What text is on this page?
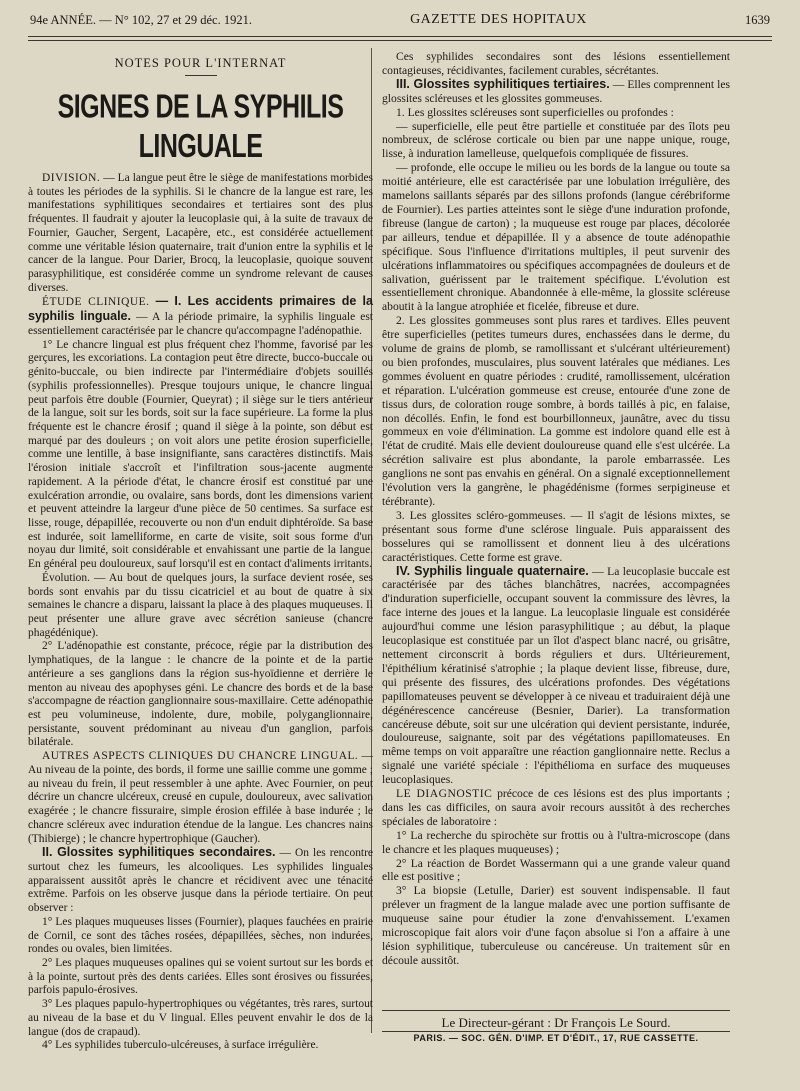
94e ANNÉE. — N° 102, 27 et 29 déc. 1921.	GAZETTE DES HOPITAUX	1639
NOTES POUR L'INTERNAT
SIGNES DE LA SYPHILIS LINGUALE

DIVISION. — La langue peut être le siège de manifestations morbides à toutes les périodes de la syphilis. Si le chancre de la langue est rare, les manifestations syphilitiques secondaires et tertiaires sont des plus fréquentes. Il faudrait y ajouter la leucoplasie qui, à la suite de travaux de Fournier, Gaucher, Sergent, Lacapère, etc., est considérée actuellement comme une véritable lésion quaternaire, trait d'union entre la syphilis et le cancer de la langue. Pour Darier, Brocq, la leucoplasie, quoique souvent parasyphilitique, est considérée comme un syndrome relevant de causes diverses.

ÉTUDE CLINIQUE. — I. Les accidents primaires de la syphilis linguale. — A la période primaire, la syphilis linguale est essentiellement caractérisée par le chancre qu'accompagne l'adénopathie.

1° Le chancre lingual est plus fréquent chez l'homme, favorisé par les gerçures, les excoriations. La contagion peut être directe, bucco-buccale ou génito-buccale, ou bien indirecte par l'intermédiaire d'objets souillés (syphilis professionnelles). Presque toujours unique, le chancre lingual peut parfois être double (Fournier, Queyrat) ; il siège sur le tiers antérieur de la langue, soit sur les bords, soit sur la face supérieure. La forme la plus fréquente est le chancre érosif ; quand il siège à la pointe, son début est marqué par des douleurs ; on voit alors une petite érosion superficielle, comme une lentille, à base insignifiante, sans caractères distinctifs. Mais l'érosion initiale s'accroît et l'infiltration sous-jacente augmente rapidement. A la période d'état, le chancre érosif est constitué par une exulcération arrondie, ou ovalaire, sans bords, dont les dimensions varient et peuvent atteindre la largeur d'une pièce de 50 centimes. Sa surface est lisse, rouge, dépapillée, recouverte ou non d'un enduit diphtéroïde. Sa base est indurée, soit lamelliforme, en carte de visite, soit sous forme d'un noyau dur limité, soit considérable et envahissant une partie de la langue. En général peu douloureux, sauf lorsqu'il est en contact d'aliments irritants.

Évolution. — Au bout de quelques jours, la surface devient rosée, ses bords sont envahis par du tissu cicatriciel et au bout de quatre à six semaines le chancre a disparu, laissant la place à des plaques muqueuses. Il peut présenter une allure grave avec sécrétion sanieuse (chancre phagédénique).

2° L'adénopathie est constante, précoce, régie par la distribution des lymphatiques, de la langue : le chancre de la pointe et de la partie antérieure a ses ganglions dans la région sus-hyoïdienne et derrière le menton au niveau des apophyses géni. Le chancre des bords et de la base s'accompagne de réaction ganglionnaire sous-maxillaire. Cette adénopathie est peu volumineuse, indolente, dure, mobile, polyganglionnaire, persistante, souvent prédominant au niveau d'un ganglion, parfois bilatérale.

AUTRES ASPECTS CLINIQUES DU CHANCRE LINGUAL. — Au niveau de la pointe, des bords, il forme une saillie comme une gomme ; au niveau du frein, il peut ressembler à une aphte. Avec Fournier, on peut décrire un chancre ulcéreux, creusé en cupule, douloureux, avec salivation exagérée ; le chancre fissuraire, simple érosion effilée à base indurée ; le chancre scléreux avec induration étendue de la langue. Les chancres nains (Thibierge) ; le chancre hypertrophique (Gaucher).

II. Glossites syphilitiques secondaires. — On les rencontre surtout chez les fumeurs, les alcooliques. Les syphilides linguales apparaissent aussitôt après le chancre et récidivent avec une ténacité extrême. Parfois on les observe jusque dans la période tertiaire. On peut observer :

1° Les plaques muqueuses lisses (Fournier), plaques fauchées en prairie de Cornil, ce sont des tâches rosées, dépapillées, sèches, non indurées, rondes ou ovales, bien limitées.

2° Les plaques muqueuses opalines qui se voient surtout sur les bords et à la pointe, surtout près des dents cariées. Elles sont érosives ou fissurées, parfois papulo-érosives.

3° Les plaques papulo-hypertrophiques ou végétantes, très rares, surtout au niveau de la base et du V lingual. Elles peuvent envahir le dos de la langue (dos de crapaud).

4° Les syphilides tuberculo-ulcéreuses, à surface irrégulière.

Ces syphilides secondaires sont des lésions essentiellement contagieuses, récidivantes, facilement curables, sécrétantes.

III. Glossites syphilitiques tertiaires. — Elles comprennent les glossites scléreuses et les glossites gommeuses.

1. Les glossites scléreuses sont superficielles ou profondes :

— superficielle, elle peut être partielle et constituée par des îlots peu nombreux, de sclérose corticale ou bien par une nappe unique, rouge, lisse, à induration lamelleuse, quelquefois compliquée de fissures.

— profonde, elle occupe le milieu ou les bords de la langue ou toute sa moitié antérieure, elle est caractérisée par une lobulation irrégulière, des mamelons saillants séparés par des sillons profonds (langue cérébriforme de Fournier). Les parties atteintes sont le siège d'une induration profonde, fibreuse (langue de carton) ; la muqueuse est rouge par places, décolorée par ailleurs, tendue et dépapillée. Il y a absence de toute adénopathie spécifique. Sous l'influence d'irritations multiples, il peut survenir des ulcérations inflammatoires ou spécifiques accompagnées de douleurs et de salivation, guérissent par le traitement spécifique. L'évolution est essentiellement chronique. Abandonnée à elle-même, la glossite scléreuse aboutit à la langue atrophiée et ficelée, fibreuse et dure.

2. Les glossites gommeuses sont plus rares et tardives. Elles peuvent être superficielles (petites tumeurs dures, enchassées dans le derme, du volume de grains de plomb, se ramollissant et s'ulcérant ultérieurement) ou bien profondes, musculaires, plus souvent latérales que médianes. Les gommes évoluent en quatre périodes : crudité, ramollissement, ulcération et réparation. L'ulcération gommeuse est creuse, entourée d'une zone de tissus durs, de coloration rouge sombre, à bords taillés à pic, en falaise, non décollés. Enfin, le fond est bourbillonneux, jaunâtre, avec du tissu gommeux en voie d'élimination. La gomme est indolore quand elle est à l'état de crudité. Mais elle devient douloureuse quand elle s'est ulcérée. La sécrétion salivaire est plus abondante, la parole embarrassée. Les ganglions ne sont pas envahis en général. On a signalé exceptionnellement l'évolution vers la gangrène, le phagédénisme (formes serpigineuse et térébrante).

3. Les glossites scléro-gommeuses. — Il s'agit de lésions mixtes, se présentant sous forme d'une sclérose linguale. Puis apparaissent des bosselures qui se ramollissent et donnent lieu à des ulcérations caractéristiques. Cette forme est grave.

IV. Syphilis linguale quaternaire. — La leucoplasie buccale est caractérisée par des tâches blanchâtres, nacrées, accompagnées d'induration superficielle, occupant souvent la commissure des lèvres, la face interne des joues et la langue. La leucoplasie linguale est considérée aujourd'hui comme une lésion parasyphilitique ; au début, la plaque leucoplasique est constituée par un îlot d'aspect blanc nacré, ou grisâtre, nettement circonscrit à bords réguliers et durs. Ultérieurement, l'épithélium kératinisé s'atrophie ; la plaque devient lisse, fibreuse, dure, qui présente des fissures, des ulcérations profondes. Des végétations papillomateuses peuvent se développer à ce niveau et traduiraient déjà une dégénérescence cancéreuse (Besnier, Darier). La transformation cancéreuse débute, soit sur une ulcération qui devient persistante, indurée, douloureuse, saignante, soit par des végétations papillomateuses. En même temps on voit apparaître une réaction ganglionnaire nette. Reclus a signalé une variété spéciale : l'épithélioma en surface des muqueuses leucoplasiques.

LE DIAGNOSTIC précoce de ces lésions est des plus importants ; dans les cas difficiles, on saura avoir recours aussitôt à des recherches spéciales de laboratoire :

1° La recherche du spirochète sur frottis ou à l'ultra-microscope (dans le chancre et les plaques muqueuses) ;

2° La réaction de Bordet Wassermann qui a une grande valeur quand elle est positive ;

3° La biopsie (Letulle, Darier) est souvent indispensable. Il faut prélever un fragment de la langue malade avec une portion suffisante de muqueuse saine pour étudier la zone d'envahissement. L'examen microscopique fait alors voir d'une façon absolue si l'on a affaire à une lésion syphilitique, tuberculeuse ou cancéreuse. Un traitement sûr en découle aussitôt.

Le Directeur-gérant : Dr François Le Sourd.
PARIS. — SOC. GÉN. D'IMP. ET D'ÉDIT., 17, RUE CASSETTE.
